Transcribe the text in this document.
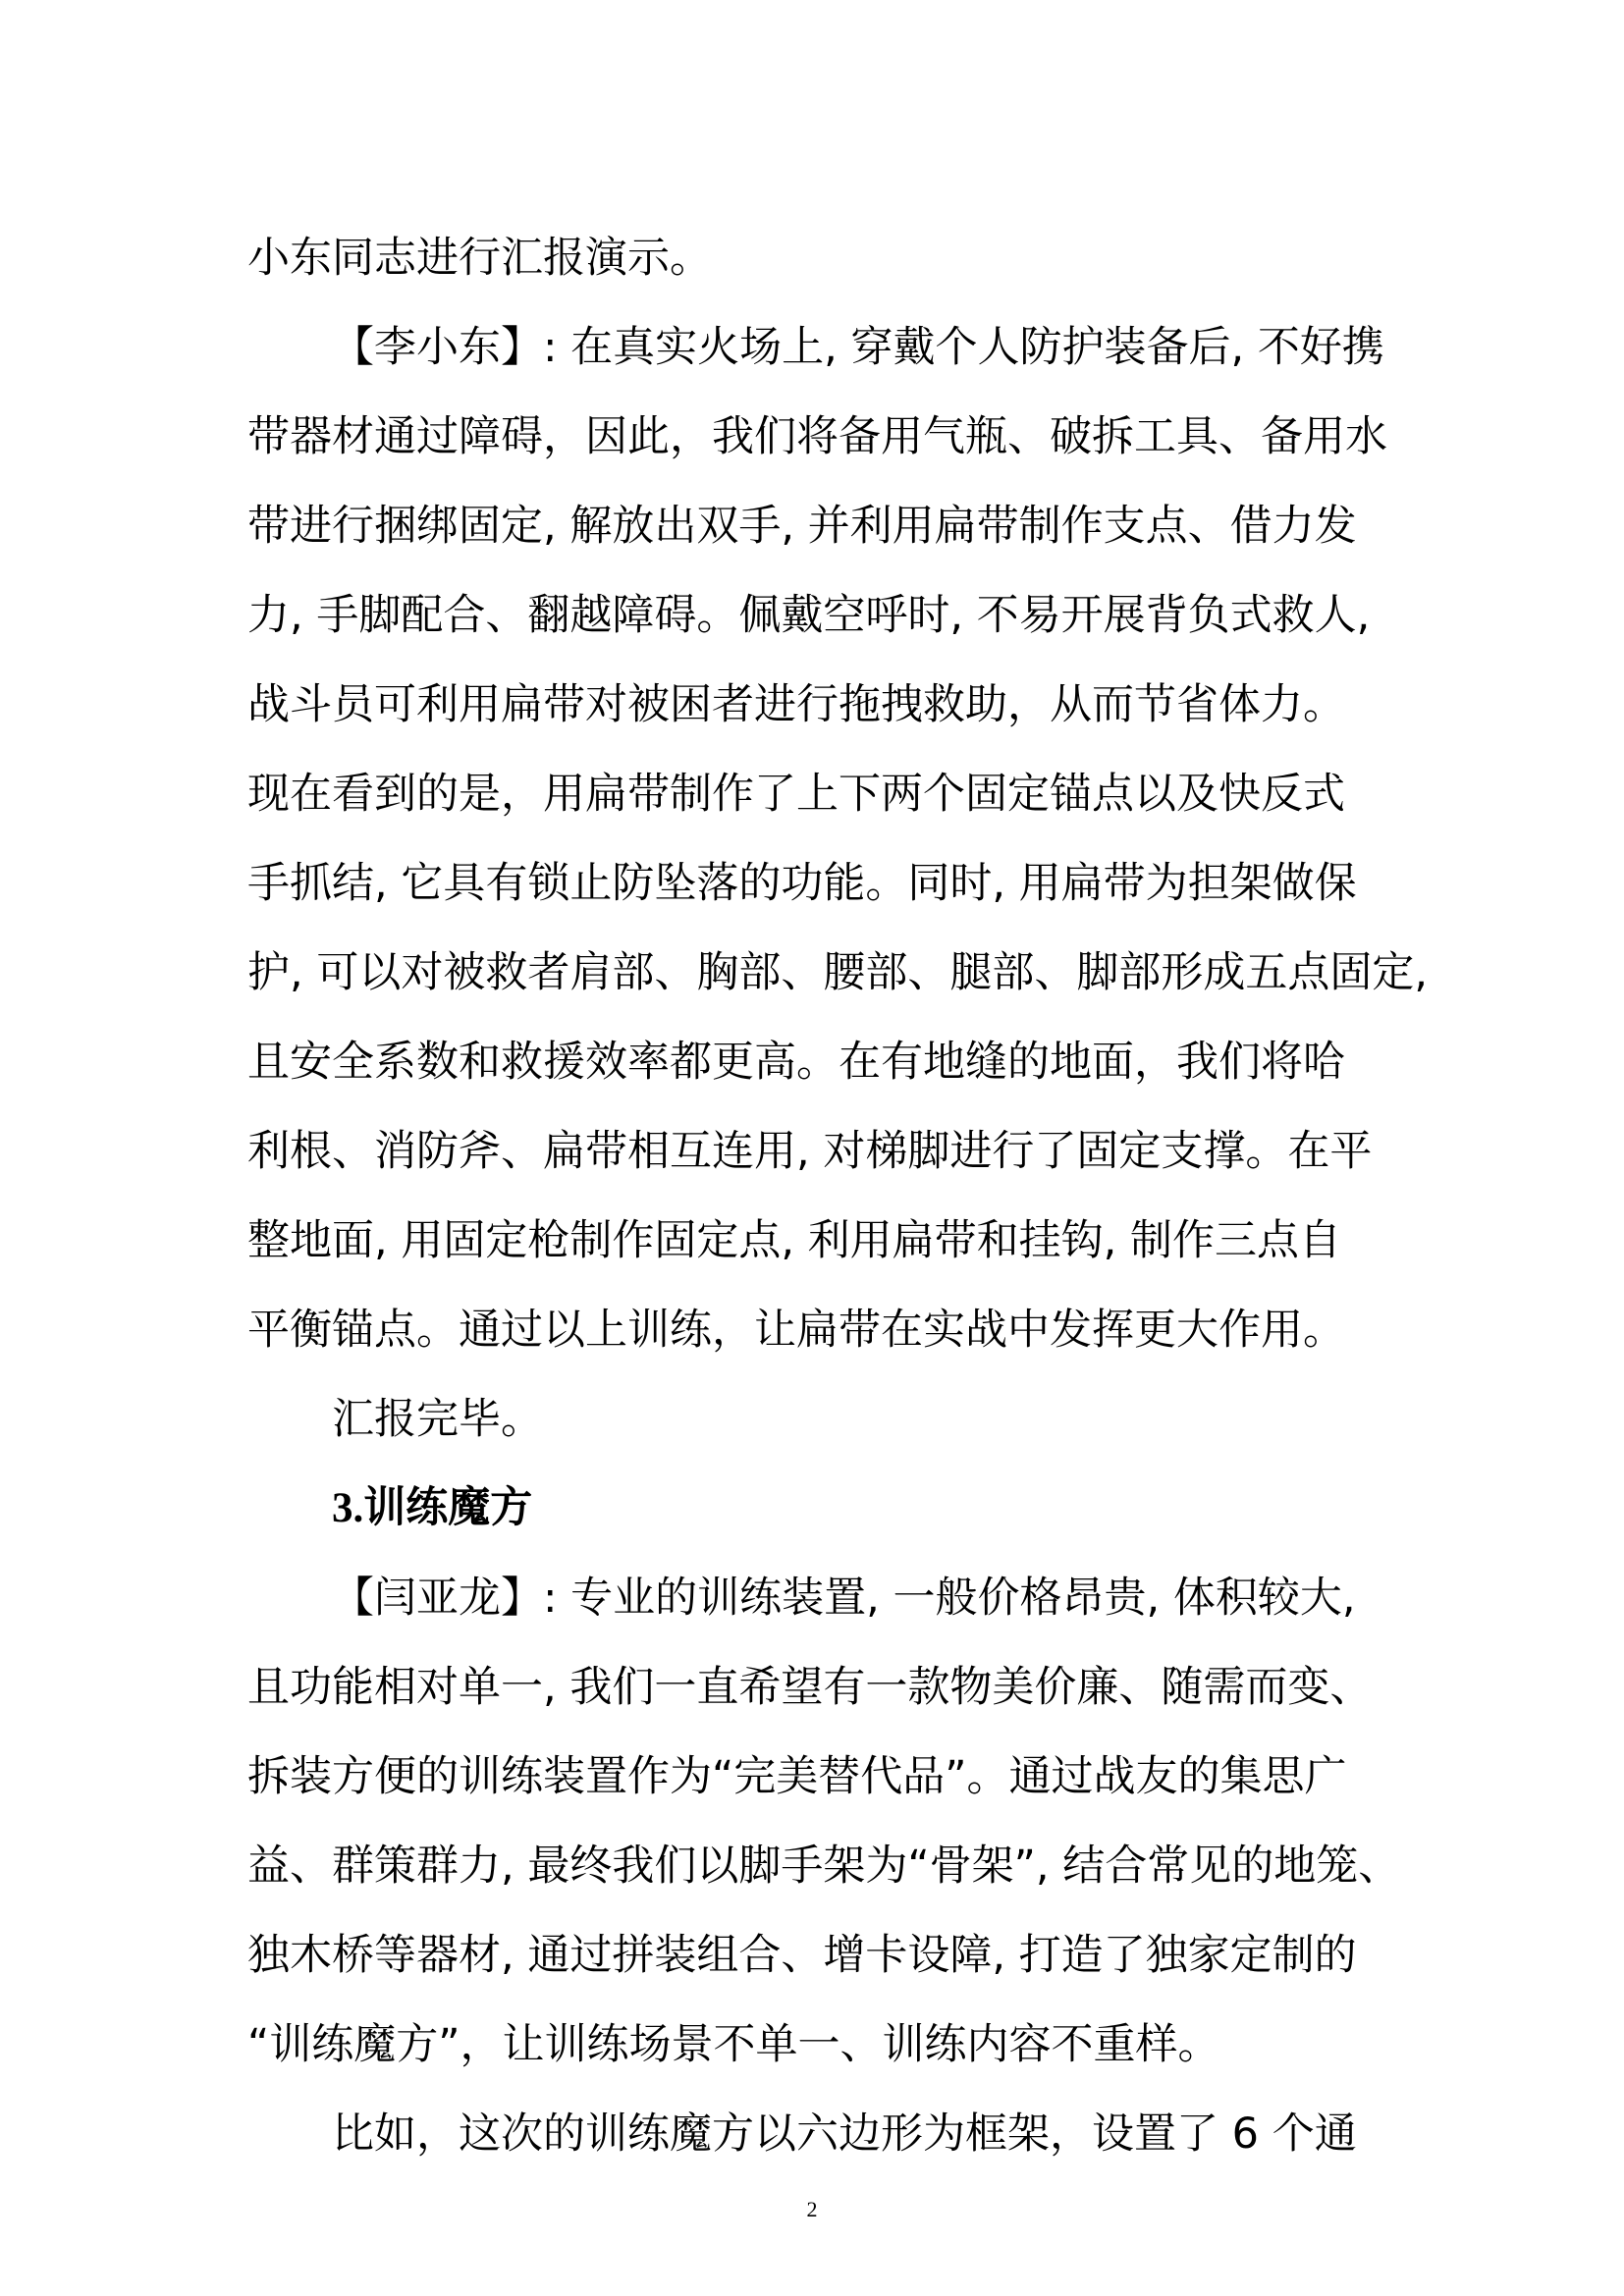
小东同志进行汇报演示。
【李小东】: 在真实火场上, 穿戴个人防护装备后, 不好携
带器材通过障碍，因此，我们将备用气瓶、破拆工具、备用水
带进行捆绑固定, 解放出双手, 并利用扁带制作支点、借力发
力, 手脚配合、翻越障碍。佩戴空呼时, 不易开展背负式救人,
战斗员可利用扁带对被困者进行拖拽救助，从而节省体力。
现在看到的是，用扁带制作了上下两个固定锚点以及快反式
手抓结, 它具有锁止防坠落的功能。同时, 用扁带为担架做保
护, 可以对被救者肩部、胸部、腰部、腿部、脚部形成五点固定,
且安全系数和救援效率都更高。在有地缝的地面，我们将哈
利根、消防斧、扁带相互连用, 对梯脚进行了固定支撑。在平
整地面, 用固定枪制作固定点, 利用扁带和挂钩, 制作三点自
平衡锚点。通过以上训练，让扁带在实战中发挥更大作用。
汇报完毕。
3.训练魔方
【闫亚龙】: 专业的训练装置, 一般价格昂贵, 体积较大,
且功能相对单一, 我们一直希望有一款物美价廉、随需而变、
拆装方便的训练装置作为“完美替代品”。通过战友的集思广
益、群策群力, 最终我们以脚手架为“骨架”, 结合常见的地笼、
独木桥等器材, 通过拼装组合、增卡设障, 打造了独家定制的
“训练魔方”，让训练场景不单一、训练内容不重样。
比如，这次的训练魔方以六边形为框架，设置了 6 个通
2
